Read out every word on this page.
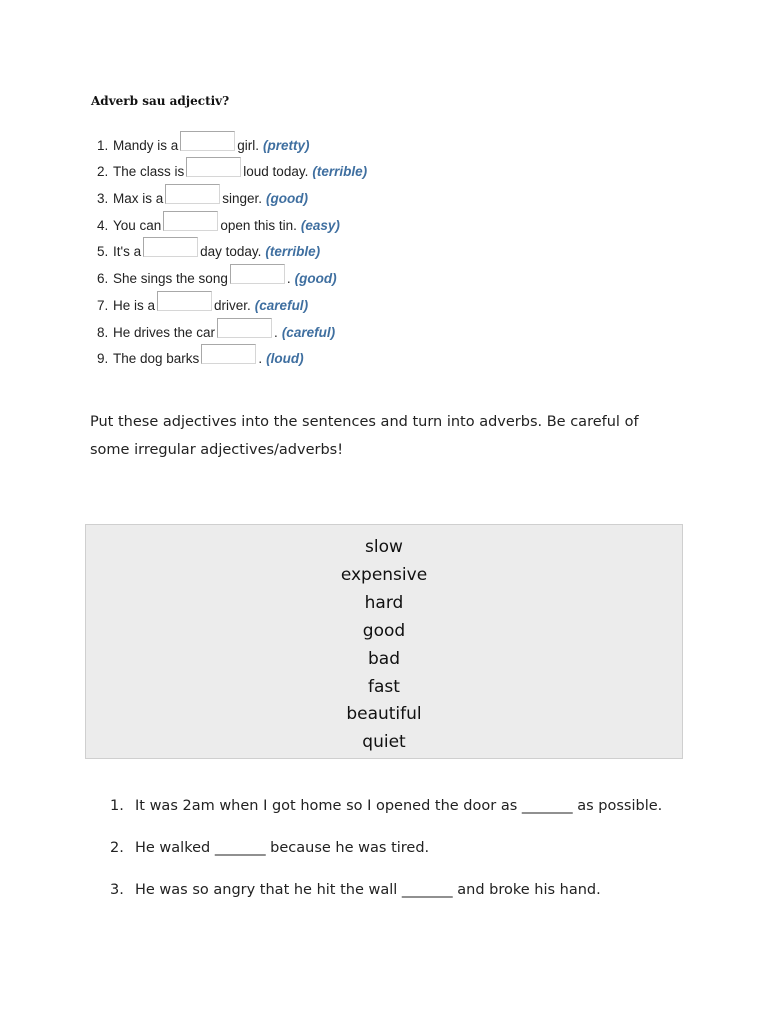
Adverb sau adjectiv?
1. Mandy is a	girl. (pretty)
2. The class is	loud today. (terrible)
3. Max is a	singer. (good)
4. You can	open this tin. (easy)
5. It's a	day today. (terrible)
6. She sings the song	. (good)
7. He is a	driver. (careful)
8. He drives the car	. (careful)
9. The dog barks	. (loud)
Put these adjectives into the sentences and turn into adverbs. Be careful of some irregular adjectives/adverbs!
slow
expensive
hard
good
bad
fast
beautiful
quiet
1. It was 2am when I got home so I opened the door as _______ as possible.
2. He walked _______ because he was tired.
3. He was so angry that he hit the wall _______ and broke his hand.
